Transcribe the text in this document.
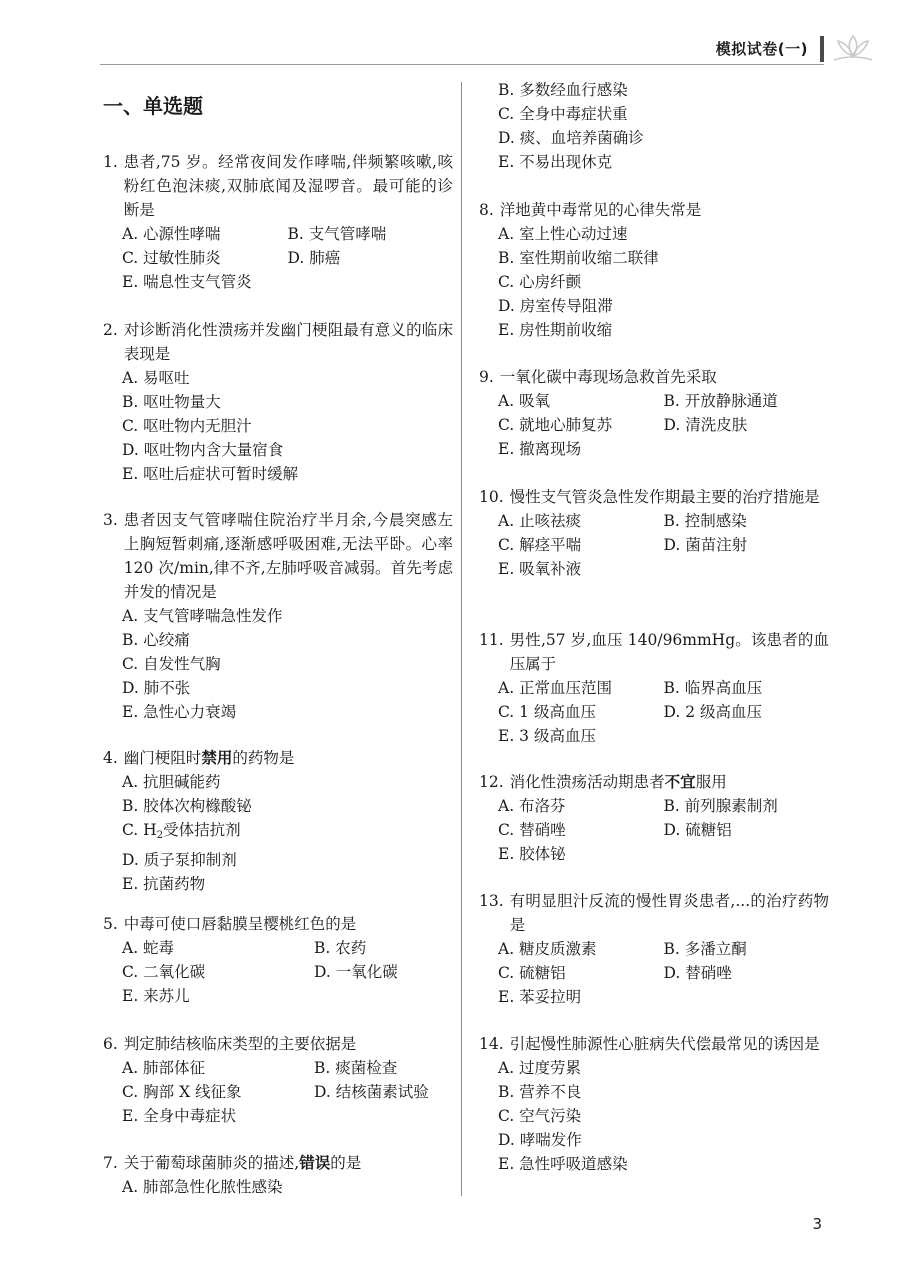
模拟试卷(一)
一、单选题
1. 患者,75 岁。经常夜间发作哮喘,伴频繁咳嗽,咳粉红色泡沫痰,双肺底闻及湿啰音。最可能的诊断是
A. 心源性哮喘	B. 支气管哮喘
C. 过敏性肺炎	D. 肺癌
E. 喘息性支气管炎
2. 对诊断消化性溃疡并发幽门梗阻最有意义的临床表现是
A. 易呕吐
B. 呕吐物量大
C. 呕吐物内无胆汁
D. 呕吐物内含大量宿食
E. 呕吐后症状可暂时缓解
3. 患者因支气管哮喘住院治疗半月余,今晨突感左上胸短暂刺痛,逐渐感呼吸困难,无法平卧。心率 120 次/min,律不齐,左肺呼吸音减弱。首先考虑并发的情况是
A. 支气管哮喘急性发作
B. 心绞痛
C. 自发性气胸
D. 肺不张
E. 急性心力衰竭
4. 幽门梗阻时禁用的药物是
A. 抗胆碱能药
B. 胶体次枸橼酸铋
C. $H_2$受体拮抗剂
D. 质子泵抑制剂
E. 抗菌药物
5. 中毒可使口唇黏膜呈樱桃红色的是
A. 蛇毒	B. 农药
C. 二氧化碳	D. 一氧化碳
E. 来苏儿
6. 判定肺结核临床类型的主要依据是
A. 肺部体征	B. 痰菌检查
C. 胸部 X 线征象	D. 结核菌素试验
E. 全身中毒症状
7. 关于葡萄球菌肺炎的描述,错误的是
A. 肺部急性化脓性感染
B. 多数经血行感染
C. 全身中毒症状重
D. 痰、血培养菌确诊
E. 不易出现休克
8. 洋地黄中毒常见的心律失常是
A. 室上性心动过速
B. 室性期前收缩二联律
C. 心房纤颤
D. 房室传导阻滞
E. 房性期前收缩
9. 一氧化碳中毒现场急救首先采取
A. 吸氧	B. 开放静脉通道
C. 就地心肺复苏	D. 清洗皮肤
E. 撤离现场
10. 慢性支气管炎急性发作期最主要的治疗措施是
A. 止咳祛痰	B. 控制感染
C. 解痉平喘	D. 菌苗注射
E. 吸氧补液
11. 男性,57 岁,血压 140/96mmHg。该患者的血压属于
A. 正常血压范围	B. 临界高血压
C. 1 级高血压	D. 2 级高血压
E. 3 级高血压
12. 消化性溃疡活动期患者不宜服用
A. 布洛芬	B. 前列腺素制剂
C. 替硝唑	D. 硫糖铝
E. 胶体铋
13. 有明显胆汁反流的慢性胃炎患者,...的治疗药物是
A. 糖皮质激素	B. 多潘立酮
C. 硫糖铝	D. 替硝唑
E. 苯妥拉明
14. 引起慢性肺源性心脏病失代偿最常见的诱因是
A. 过度劳累
B. 营养不良
C. 空气污染
D. 哮喘发作
E. 急性呼吸道感染
3
